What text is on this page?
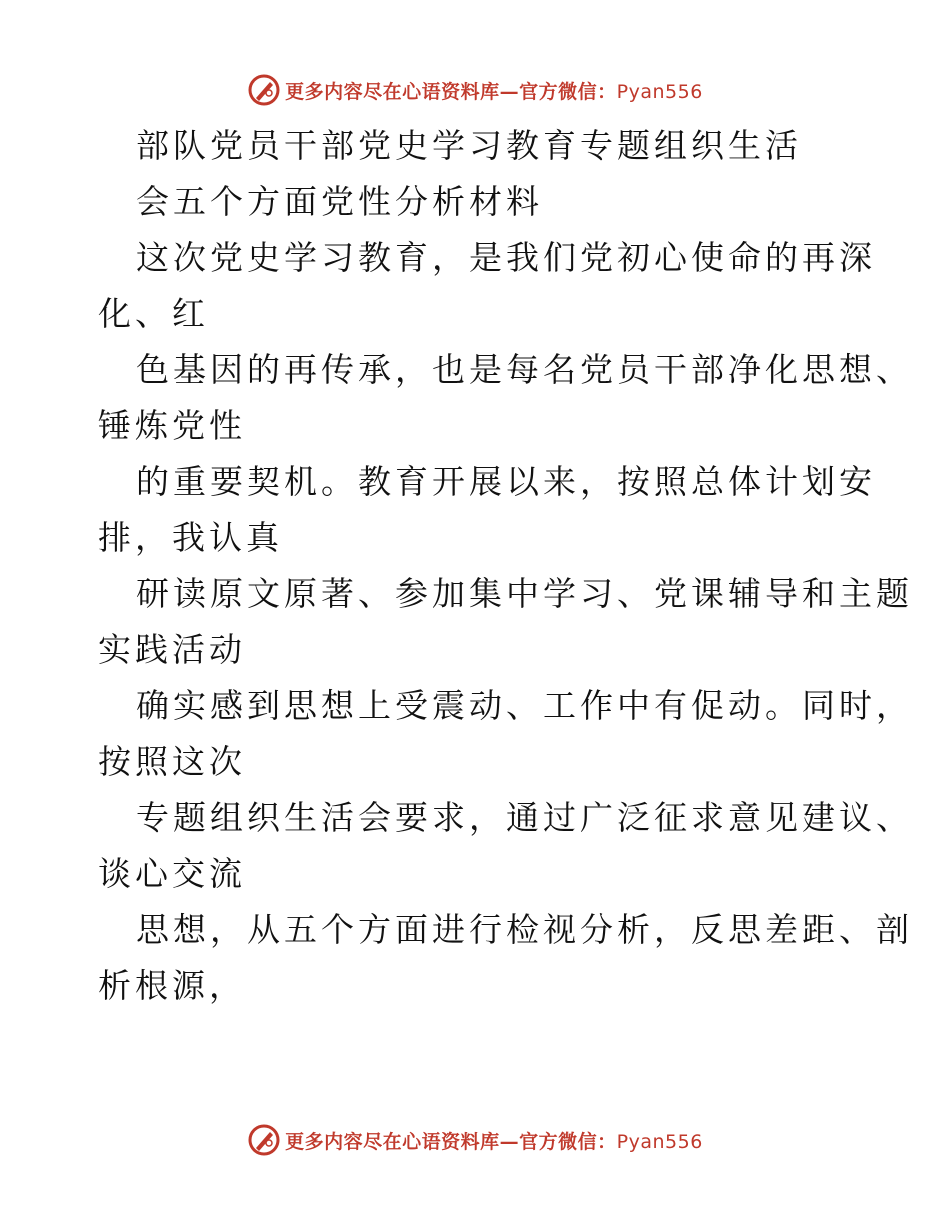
更多内容尽在心语资料库—官方微信：Pyan556
部队党员干部党史学习教育专题组织生活
会五个方面党性分析材料
这次党史学习教育，是我们党初心使命的再深
化、红
色基因的再传承，也是每名党员干部净化思想、
锤炼党性
的重要契机。教育开展以来，按照总体计划安
排，我认真
研读原文原著、参加集中学习、党课辅导和主题
实践活动
确实感到思想上受震动、工作中有促动。同时，
按照这次
专题组织生活会要求，通过广泛征求意见建议、
谈心交流
思想，从五个方面进行检视分析，反思差距、剖
析根源，
更多内容尽在心语资料库—官方微信：Pyan556
